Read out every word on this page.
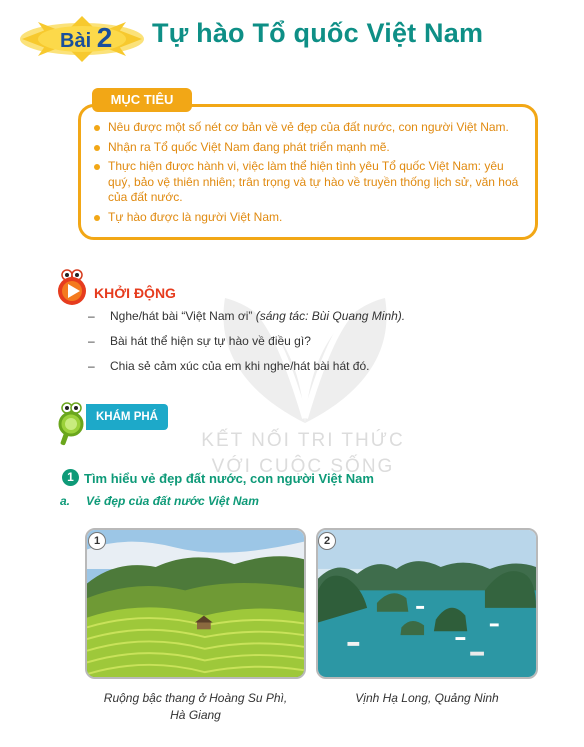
Bài 2 Tự hào Tổ quốc Việt Nam
MỤC TIÊU
Nêu được một số nét cơ bản về vẻ đẹp của đất nước, con người Việt Nam.
Nhận ra Tổ quốc Việt Nam đang phát triển mạnh mẽ.
Thực hiện được hành vi, việc làm thể hiện tình yêu Tổ quốc Việt Nam: yêu quý, bảo vệ thiên nhiên; trân trọng và tự hào về truyền thống lịch sử, văn hoá của đất nước.
Tự hào được là người Việt Nam.
KẾT NỐI TRI THỨC
VỚI CUỘC SỐNG
KHỞI ĐỘNG
– Nghe/hát bài “Việt Nam ơi” (sáng tác: Bùi Quang Minh).
– Bài hát thể hiện sự tự hào về điều gì?
– Chia sẻ cảm xúc của em khi nghe/hát bài hát đó.
KHÁM PHÁ
1 Tìm hiểu vẻ đẹp đất nước, con người Việt Nam
a. Vẻ đẹp của đất nước Việt Nam
1	2
Ruộng bậc thang ở Hoàng Su Phì,
Hà Giang
Vịnh Hạ Long, Quảng Ninh
